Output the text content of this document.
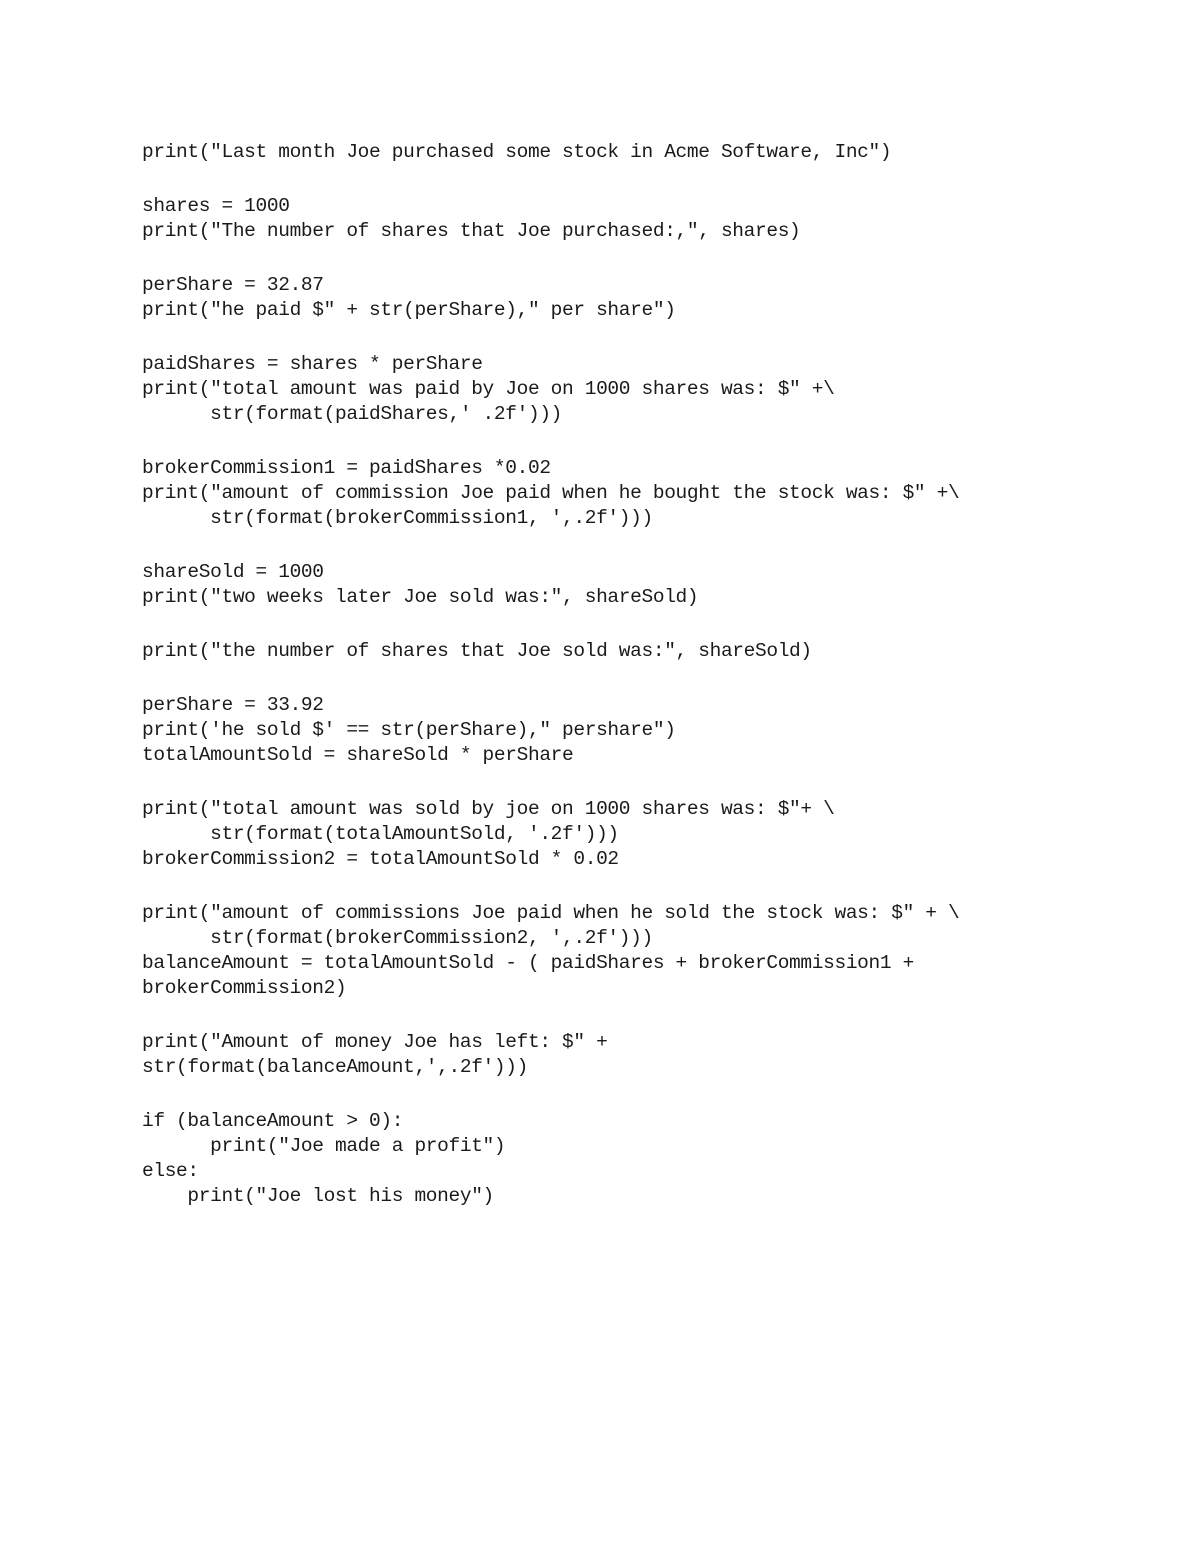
print("Last month Joe purchased some stock in Acme Software, Inc")
shares = 1000
print("The number of shares that Joe purchased:,", shares)
perShare = 32.87
print("he paid $" + str(perShare)," per share")
paidShares = shares * perShare
print("total amount was paid by Joe on 1000 shares was: $" +\
str(format(paidShares,' .2f')))
brokerCommission1 = paidShares *0.02
print("amount of commission Joe paid when he bought the stock was: $" +\
str(format(brokerCommission1, ',.2f')))
shareSold = 1000
print("two weeks later Joe sold was:", shareSold)
print("the number of shares that Joe sold was:", shareSold)
perShare = 33.92
print('he sold $' == str(perShare)," pershare")
totalAmountSold = shareSold * perShare
print("total amount was sold by joe on 1000 shares was: $"+ \
str(format(totalAmountSold, '.2f')))
brokerCommission2 = totalAmountSold * 0.02
print("amount of commissions Joe paid when he sold the stock was: $" + \
str(format(brokerCommission2, ',.2f')))
balanceAmount = totalAmountSold - ( paidShares + brokerCommission1 +
brokerCommission2)
print("Amount of money Joe has left: $" +
str(format(balanceAmount,',.2f')))
if (balanceAmount > 0):
print("Joe made a profit")
else:
print("Joe lost his money")
